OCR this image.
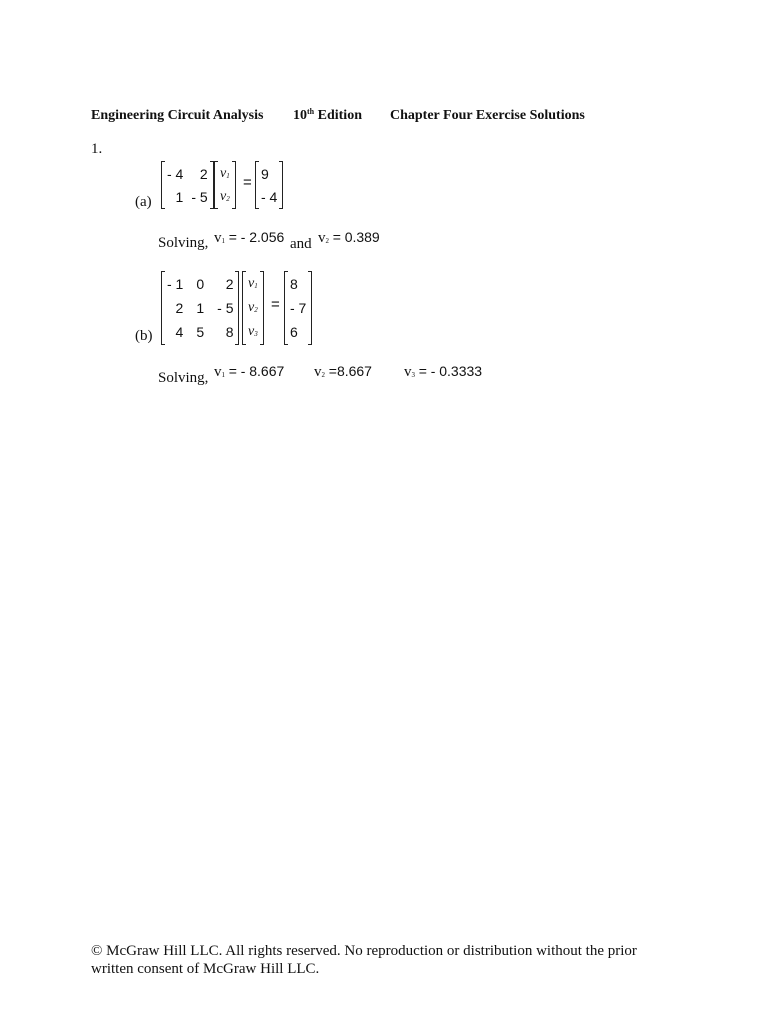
Engineering Circuit Analysis 10th Edition Chapter Four Exercise Solutions
1.
(a)
- 4	2
1	- 5
$v_1$
$v_2$
=
9
- 4
Solving, $v_1$ = - 2.056 and $v_2 = 0.389$
(b)
- 1	0	2
2	1	- 5
4	5	8
$v_1$
$v_2$
$v_3$
=
8
- 7
6
Solving, $v_1$ = - 8.667 $v_2 =8.667$ $v_3$ = - 0.3333
© McGraw Hill LLC. All rights reserved. No reproduction or distribution without the prior written consent of McGraw Hill LLC.
